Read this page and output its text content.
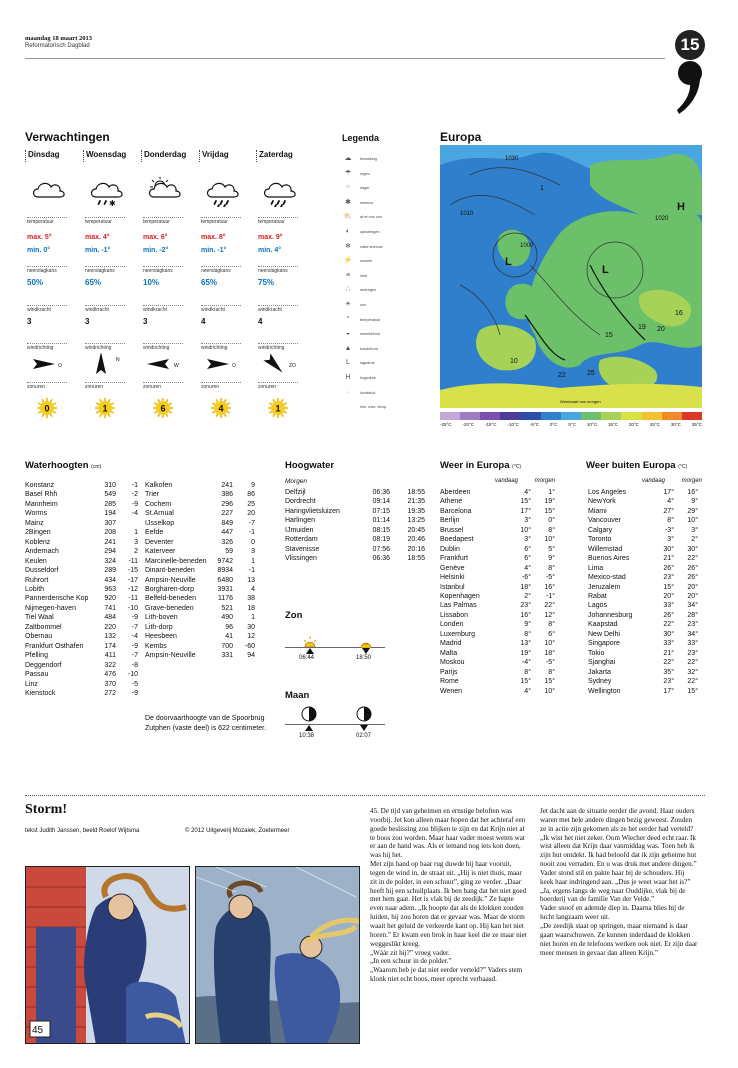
maandag 18 maart 2013
Reformatorisch Dagblad	15
Verwachtingen
Dinsdag
temperatuur
max. 5°
min. 0°
neerslagkans
50%
windkracht
3
windrichting
O
zonuren
0
Woensdag
✱
temperatuur
max. 4°
min. -1°
neerslagkans
65%
windkracht
3
windrichting
N
zonuren
1
Donderdag
temperatuur
max. 6°
min. -2°
neerslagkans
10%
windkracht
3
windrichting
W
zonuren
6
Vrijdag
temperatuur
max. 8°
min. -1°
neerslagkans
65%
windkracht
4
windrichting
O
zonuren
4
Zaterdag
temperatuur
max. 9°
min. 4°
neerslagkans
75%
windkracht
4
windrichting
ZO
zonuren
1
Legenda
☁	bewolking
☂	regen
⁘	hagel
✱	sneeuw
⛅	af en toe zon
◐	opklaringen
❄	natte sneeuw
⚡	onweer
≡	mist
∴	motregen
☀	zon
°	temperatuur
◒	warmtefront
▲	koudefront
L	lagedruk
H	hogedruk
·	luchtdruk
min. max. temp.
Europa
1030
1010
1000
1020
L
L
H
16
15
19 20
22	25
10
1
Weerkaart van morgen
-25°C -20°C -15°C -10°C -5°C 0°C 5°C 10°C 15°C 20°C 25°C 30°C 35°C
Waterhoogten (cm)
Konstanz	310	-1
Basel Rhh	549	-2
Mannheim	285	-9
Worms	194	-4
Mainz	307
2Bingen	208	1
Koblenz	241	3
Andernach	294	2
Keulen	324	-11
Dusseldorf	289	-15
Ruhrort	434	-17
Lobith	963	-12
Pannerdensche Kop	920	-11
Nijmegen-haven	741	-10
Tiel Waal	484	-9
Zaltbommel	220	-7
Obernau	132	-4
Frankfurt Osthafen	174	-9
Pfelling	411	-7
Deggendorf	322	-8
Passau	476	-10
Linz	370	-5
Kienstock	272	-9
Kalkofen	241	9
Trier	386	86
Cochem	296	25
St.Arnual	227	20
IJsselkop	849	-7
Eefde	447	-1
Deventer	326	0
Katerveer	59	3
Marcinelle-beneden	9742	1
Dinant-beneden	8934	-1
Ampsin-Neuville	6480	13
Borgharen-dorp	3931	4
Belfeld-beneden	1176	38
Grave-beneden	521	18
Lith-boven	490	1
Lith-dorp	96	30
Heesbeen	41	12
Kembs	700	-60
Ampsin-Neuville	331	94
De doorvaarthoogte van de Spoorbrug Zutphen (vaste deel) is 622 centimeter.
Hoogwater
Morgen
Delfzijl	06:36	18:55
Dordrecht	09:14	21:35
Haringvlietsluizen	07:15	19:35
Harlingen	01:14	13:25
IJmuiden	08:15	20:45
Rotterdam	08:19	20:46
Stavenisse	07:56	20:16
Vlissingen	06:36	18:55
Zon
06:44	18:50
Maan
10:38	02:07
Weer in Europa (°C)
vandaag	morgen
Aberdeen	4°	1°
Athene	15°	19°
Barcelona	17°	15°
Berlijn	3°	0°
Brussel	10°	8°
Boedapest	3°	10°
Dublin	6°	5°
Frankfurt	6°	9°
Genève	4°	8°
Helsinki	-6°	-5°
Istanbul	18°	16°
Kopenhagen	2°	-1°
Las Palmas	23°	22°
Lissabon	16°	12°
Londen	9°	8°
Luxemburg	8°	6°
Madrid	13°	10°
Malta	19°	18°
Moskou	-4°	-5°
Parijs	8°	8°
Rome	15°	15°
Wenen	4°	10°
Weer buiten Europa (°C)
vandaag	morgen
Los Angeles	17°	16°
NewYork	4°	9°
Miami	27°	29°
Vancouver	8°	10°
Calgary	-3°	3°
Toronto	3°	2°
Willemstad	30°	30°
Buenos Aires	21°	22°
Lima	26°	26°
Mexico-stad	23°	26°
Jeruzalem	15°	20°
Rabat	20°	20°
Lagos	33°	34°
Johannesburg	26°	28°
Kaapstad	22°	23°
New Delhi	30°	34°
Singapore	33°	33°
Tokio	21°	23°
Sjanghai	22°	22°
Jakarta	35°	32°
Sydney	23°	22°
Wellington	17°	15°
Storm!
tekst Judith Janssen, beeld Roelof Wijtsma	© 2012 Uitgeverij Mozaiek, Zoetermeer
45

45. De tijd van geheimen en ernstige beloften was voorbij. Jet kon alleen maar hopen dat het achteraf een goede beslissing zou blijken te zijn en dat Krijn niet al te boos zou worden. Maar haar vader moest weten wat er aan de hand was. Als er iemand nog iets kon doen, was hij het.

Met zijn hand op haar rug duwde hij haar vooruit, tegen de wind in, de straat uit. „Hij is niet thuis, maar zit in de polder, in een schuur”, ging ze verder. „Daar heeft hij een schuilplaats. Ik ben bang dat het niet goed met hem gaat. Het is vlak bij de zeedijk.” Ze hapte even naar adem. „Ik hoopte dat als de klokken zouden luiden, hij zou horen dat er gevaar was. Maar de storm waait het geluid de verkeerde kant op. Hij kan het niet horen.” Er kwam een brok in haar keel die ze maar niet weggeslikt kreeg.

„Wáár zit hij?” vroeg vader.

„In een schuur in de polder.”

„Waarom heb je dat niet eerder verteld?” Vaders stem klonk niet echt boos, meer oprecht verbaasd.

Jet dacht aan de situatie eerder die avond. Haar ouders waren met hele andere dingen bezig geweest. Zouden ze in actie zijn gekomen als ze het eerder had verteld?

„Ik wist het niet zeker. Oom Wiecher deed echt raar. Ik wist alleen dat Krijn daar vanmiddag was. Toen heb ik zijn hut ontdekt. Ik had beloofd dat ik zijn geheime hut nooit zou verraden. En u was druk met andere dingen.”

Vader stond stil en pakte haar bij de schouders. Hij keek haar indringend aan. „Dus je weet waar het is?”

„Ja, ergens langs de weg naar Ouddijke, vlak bij de boerderij van de familie Van der Velde.”

Vader snoof en ademde diep in. Daarna blies hij de lucht langzaam weer uit.

„De zeedijk staat op springen, maar niemand is daar gaan waarschuwen. Ze kunnen inderdaad de klokken niet horen en de telefoons werken ook niet. Er zijn daar meer mensen in gevaar dan alleen Krijn.”
